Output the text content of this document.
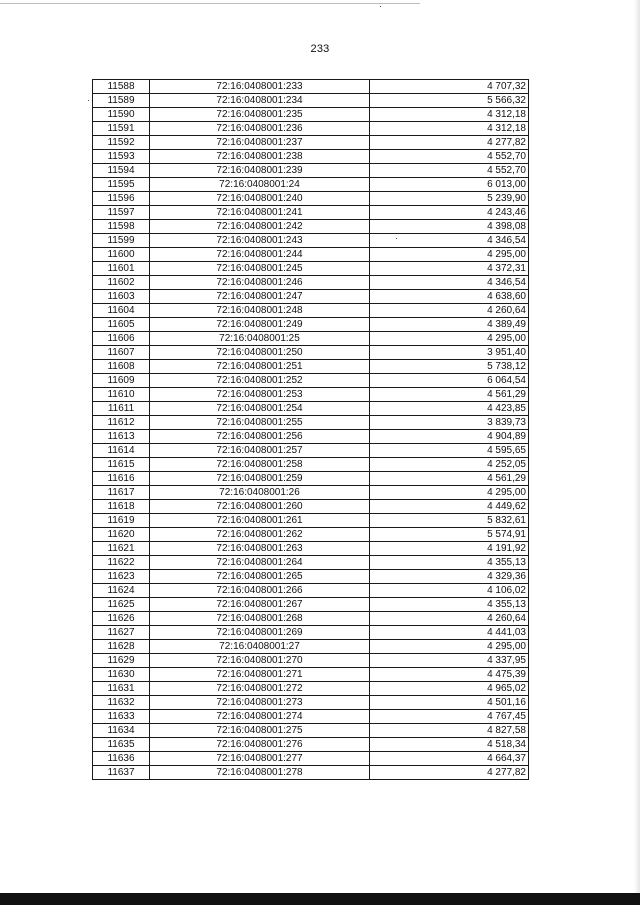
233
11588	72:16:0408001:233	4 707,32
11589	72:16:0408001:234	5 566,32
11590	72:16:0408001:235	4 312,18
11591	72:16:0408001:236	4 312,18
11592	72:16:0408001:237	4 277,82
11593	72:16:0408001:238	4 552,70
11594	72:16:0408001:239	4 552,70
11595	72:16:0408001:24	6 013,00
11596	72:16:0408001:240	5 239,90
11597	72:16:0408001:241	4 243,46
11598	72:16:0408001:242	4 398,08
11599	72:16:0408001:243	4 346,54
11600	72:16:0408001:244	4 295,00
11601	72:16:0408001:245	4 372,31
11602	72:16:0408001:246	4 346,54
11603	72:16:0408001:247	4 638,60
11604	72:16:0408001:248	4 260,64
11605	72:16:0408001:249	4 389,49
11606	72:16:0408001:25	4 295,00
11607	72:16:0408001:250	3 951,40
11608	72:16:0408001:251	5 738,12
11609	72:16:0408001:252	6 064,54
11610	72:16:0408001:253	4 561,29
11611	72:16:0408001:254	4 423,85
11612	72:16:0408001:255	3 839,73
11613	72:16:0408001:256	4 904,89
11614	72:16:0408001:257	4 595,65
11615	72:16:0408001:258	4 252,05
11616	72:16:0408001:259	4 561,29
11617	72:16:0408001:26	4 295,00
11618	72:16:0408001:260	4 449,62
11619	72:16:0408001:261	5 832,61
11620	72:16:0408001:262	5 574,91
11621	72:16:0408001:263	4 191,92
11622	72:16:0408001:264	4 355,13
11623	72:16:0408001:265	4 329,36
11624	72:16:0408001:266	4 106,02
11625	72:16:0408001:267	4 355,13
11626	72:16:0408001:268	4 260,64
11627	72:16:0408001:269	4 441,03
11628	72:16:0408001:27	4 295,00
11629	72:16:0408001:270	4 337,95
11630	72:16:0408001:271	4 475,39
11631	72:16:0408001:272	4 965,02
11632	72:16:0408001:273	4 501,16
11633	72:16:0408001:274	4 767,45
11634	72:16:0408001:275	4 827,58
11635	72:16:0408001:276	4 518,34
11636	72:16:0408001:277	4 664,37
11637	72:16:0408001:278	4 277,82
